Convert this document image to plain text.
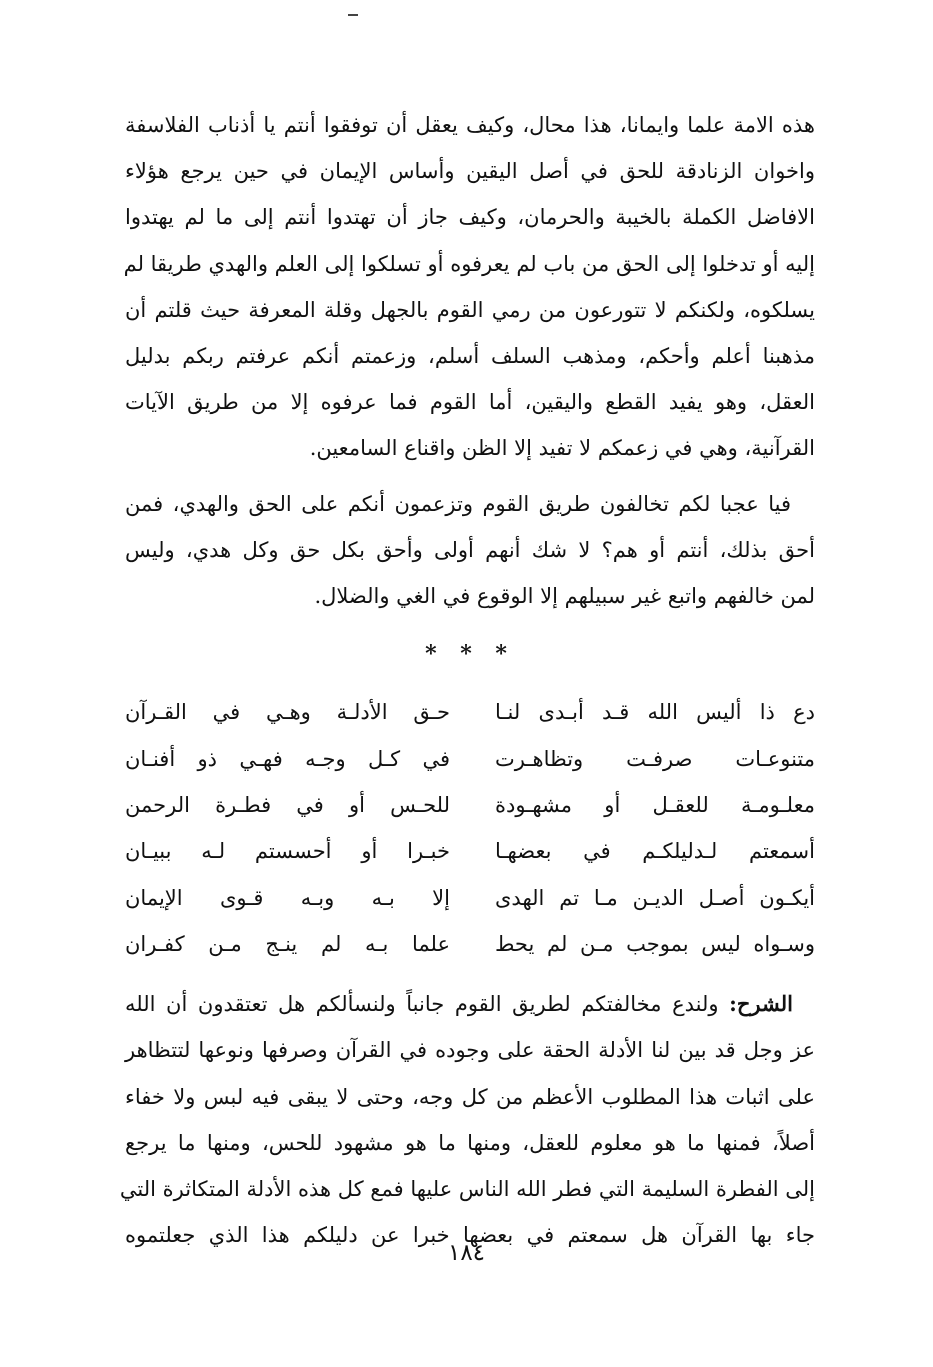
هذه الامة علما وايمانا، هذا محال، وكيف يعقل أن توفقوا أنتم يا أذناب الفلاسفة
واخوان الزنادقة للحق في أصل اليقين وأساس الإيمان في حين يرجع هؤلاء
الافاضل الكملة بالخيبة والحرمان، وكيف جاز أن تهتدوا أنتم إلى ما لم يهتدوا
إليه أو تدخلوا إلى الحق من باب لم يعرفوه أو تسلكوا إلى العلم والهدي طريقا لم
يسلكوه، ولكنكم لا تتورعون من رمي القوم بالجهل وقلة المعرفة حيث قلتم أن
مذهبنا أعلم وأحكم، ومذهب السلف أسلم، وزعمتم أنكم عرفتم ربكم بدليل
العقل، وهو يفيد القطع واليقين، أما القوم فما عرفوه إلا من طريق الآيات
القرآنية، وهي في زعمكم لا تفيد إلا الظن واقناع السامعين.
فيا عجبا لكم تخالفون طريق القوم وتزعمون أنكم على الحق والهدي، فمن
أحق بذلك، أنتم أو هم؟ لا شك أنهم أولى وأحق بكل حق وكل هدي، وليس
لمن خالفهم واتبع غير سبيلهم إلا الوقوع في الغي والضلال.
* * *
دع ذا أليس الله قـد أبـدى لنـا
حـق الأدلـة وهـي في القـرآن
متنوعـات صرفـت وتظاهـرت
في كـل وجـه فهـي ذو أفنـان
معلـومـة للعقـل أو مشهـودة
للحـس أو في فطـرة الرحمن
أسمعتم لـدليلكـم في بعضهـا
خبـرا أو أحسستم لـه ببيـان
أيكـون أصـل الديـن مـا تم الهدى
إلا بـه وبـه قـوى الإيمان
وسـواه ليس بموجب مـن لم يحط
علما بـه لم ينـج مـن كفـران
الشرح: ولندع مخالفتكم لطريق القوم جانباً ولنسألكم هل تعتقدون أن الله
عز وجل قد بين لنا الأدلة الحقة على وجوده في القرآن وصرفها ونوعها لتتظاهر
على اثبات هذا المطلوب الأعظم من كل وجه، وحتى لا يبقى فيه لبس ولا خفاء
أصلاً، فمنها ما هو معلوم للعقل، ومنها ما هو مشهود للحس، ومنها ما يرجع
إلى الفطرة السليمة التي فطر الله الناس عليها فمع كل هذه الأدلة المتكاثرة التي
جاء بها القرآن هل سمعتم في بعضها خبرا عن دليلكم هذا الذي جعلتموه
١٨٤
